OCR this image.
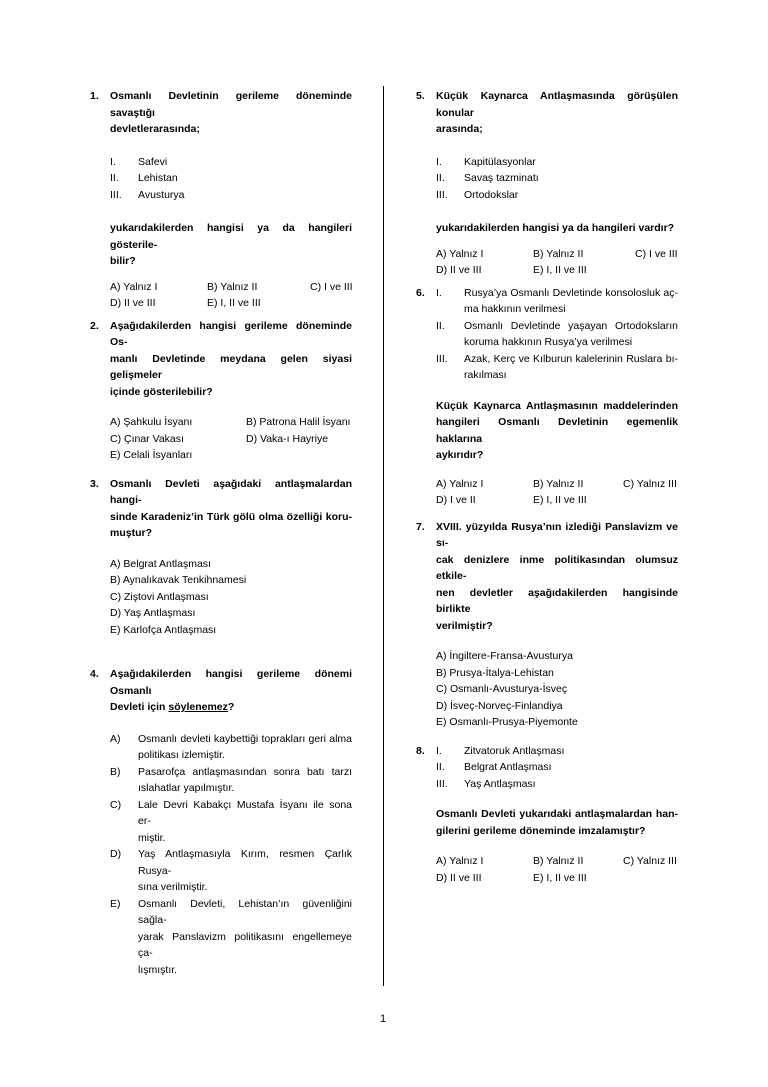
1. Osmanlı Devletinin gerileme döneminde savaştığı
devletlerarasında;
I. Safevi
II. Lehistan
III. Avusturya
yukarıdakilerden hangisi ya da hangileri gösterile-
bilir?
A) Yalnız I	B) Yalnız II	C) I ve III
D) II ve III	E) I, II ve III
2. Aşağıdakilerden hangisi gerileme döneminde Os-
manlı Devletinde meydana gelen siyasi gelişmeler
içinde gösterilebilir?
A) Şahkulu İsyanı	B) Patrona Halil İsyanı
C) Çınar Vakası	D) Vaka-ı Hayriye
E) Celali İsyanları
3. Osmanlı Devleti aşağıdaki antlaşmalardan hangi-
sinde Karadeniz’in Türk gölü olma özelliği koru-
muştur?
A) Belgrat Antlaşması
B) Aynalıkavak Tenkihnamesi
C) Ziştovi Antlaşması
D) Yaş Antlaşması
E) Karlofça Antlaşması
4. Aşağıdakilerden hangisi gerileme dönemi Osmanlı
Devleti için söylenemez?
A) Osmanlı devleti kaybettiği toprakları geri alma
politikası izlemiştir.
B) Pasarofça antlaşmasından sonra batı tarzı
ıslahatlar yapılmıştır.
C) Lale Devri Kabakçı Mustafa İsyanı ile sona er-
miştir.
D) Yaş Antlaşmasıyla Kırım, resmen Çarlık Rusya-
sına verilmiştir.
E) Osmanlı Devleti, Lehistan’ın güvenliğini sağla-
yarak Panslavizm politikasını engellemeye ça-
lışmıştır.
5. Küçük Kaynarca Antlaşmasında görüşülen konular
arasında;
I. Kapitülasyonlar
II. Savaş tazminatı
III. Ortodokslar
yukarıdakilerden hangisi ya da hangileri vardır?
A) Yalnız I	B) Yalnız II	C) I ve III
D) II ve III	E) I, II ve III
6. I. Rusya’ya Osmanlı Devletinde konsolosluk aç-
ma hakkının verilmesi
II. Osmanlı Devletinde yaşayan Ortodoksların
koruma hakkının Rusya’ya verilmesi
III. Azak, Kerç ve Kılburun kalelerinin Ruslara bı-
rakılması
Küçük Kaynarca Antlaşmasının maddelerinden
hangileri Osmanlı Devletinin egemenlik haklarına
aykırıdır?
A) Yalnız I	B) Yalnız II	C) Yalnız III
D) I ve II	E) I, II ve III
7. XVIII. yüzyılda Rusya’nın izlediği Panslavizm ve sı-
cak denizlere inme politikasından olumsuz etkile-
nen devletler aşağıdakilerden hangisinde birlikte
verilmiştir?
A) İngiltere-Fransa-Avusturya
B) Prusya-İtalya-Lehistan
C) Osmanlı-Avusturya-İsveç
D) İsveç-Norveç-Finlandiya
E) Osmanlı-Prusya-Piyemonte
8. I. Zitvatoruk Antlaşması
II. Belgrat Antlaşması
III. Yaş Antlaşması
Osmanlı Devleti yukarıdaki antlaşmalardan han-
gilerini gerileme döneminde imzalamıştır?
A) Yalnız I	B) Yalnız II	C) Yalnız III
D) II ve III	E) I, II ve III
1
